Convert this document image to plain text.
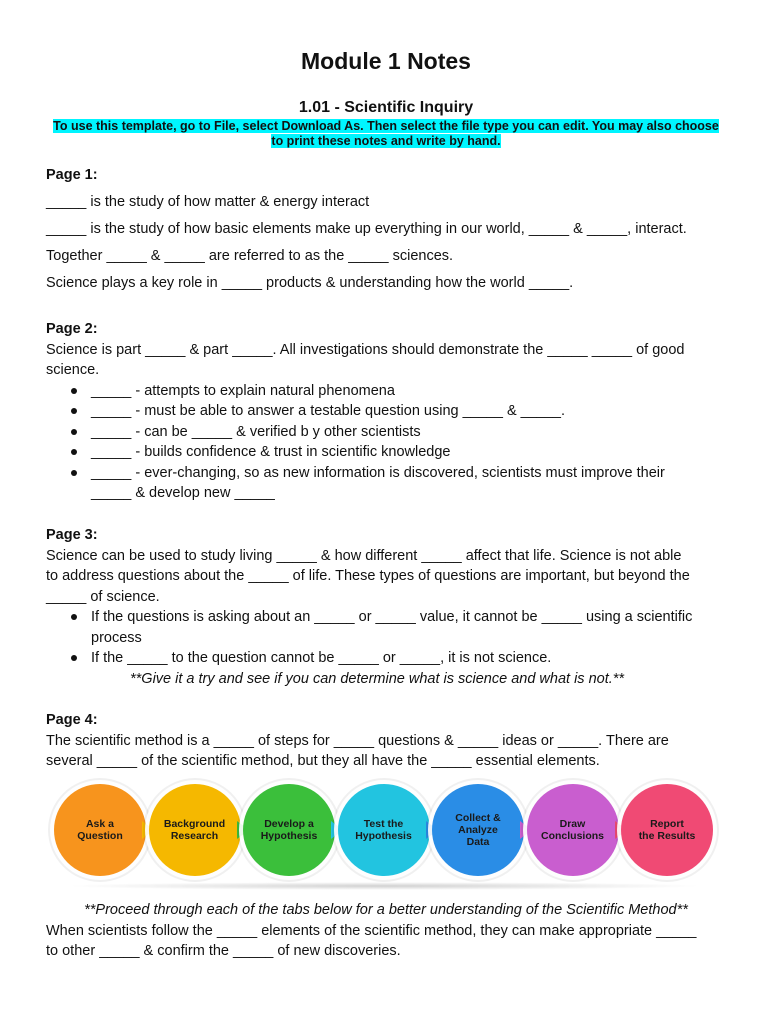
Module 1 Notes
1.01 - Scientific Inquiry
To use this template, go to File, select Download As. Then select the file type you can edit. You may also choose
to print these notes and write by hand.

Page 1:

_____ is the study of how matter & energy interact

_____ is the study of how basic elements make up everything in our world, _____ & _____, interact.

Together _____ & _____ are referred to as the _____ sciences.

Science plays a key role in _____ products & understanding how the world _____.

Page 2:

Science is part _____ & part _____. All investigations should demonstrate the _____ _____ of good

science.

_____ - attempts to explain natural phenomena
_____ - must be able to answer a testable question using _____ & _____.
_____ - can be _____ & verified b y other scientists
_____ - builds confidence & trust in scientific knowledge
_____ - ever-changing, so as new information is discovered, scientists must improve their
_____ & develop new _____

Page 3:

Science can be used to study living _____ & how different _____ affect that life. Science is not able

to address questions about the _____ of life. These types of questions are important, but beyond the

_____ of science.

If the questions is asking about an _____ or _____ value, it cannot be _____ using a scientific
process
If the _____ to the question cannot be _____ or _____, it is not science.

**Give it a try and see if you can determine what is science and what is not.**

Page 4:

The scientific method is a _____ of steps for _____ questions & _____ ideas or _____. There are

several _____ of the scientific method, but they all have the _____ essential elements.

**Proceed through each of the tabs below for a better understanding of the Scientific Method**

When scientists follow the _____ elements of the scientific method, they can make appropriate _____

to other _____ & confirm the _____ of new discoveries.

Ask a
Question
Background
Research
Develop a
Hypothesis
Test the
Hypothesis
Collect &
Analyze
Data
Draw
Conclusions
Report
the Results
